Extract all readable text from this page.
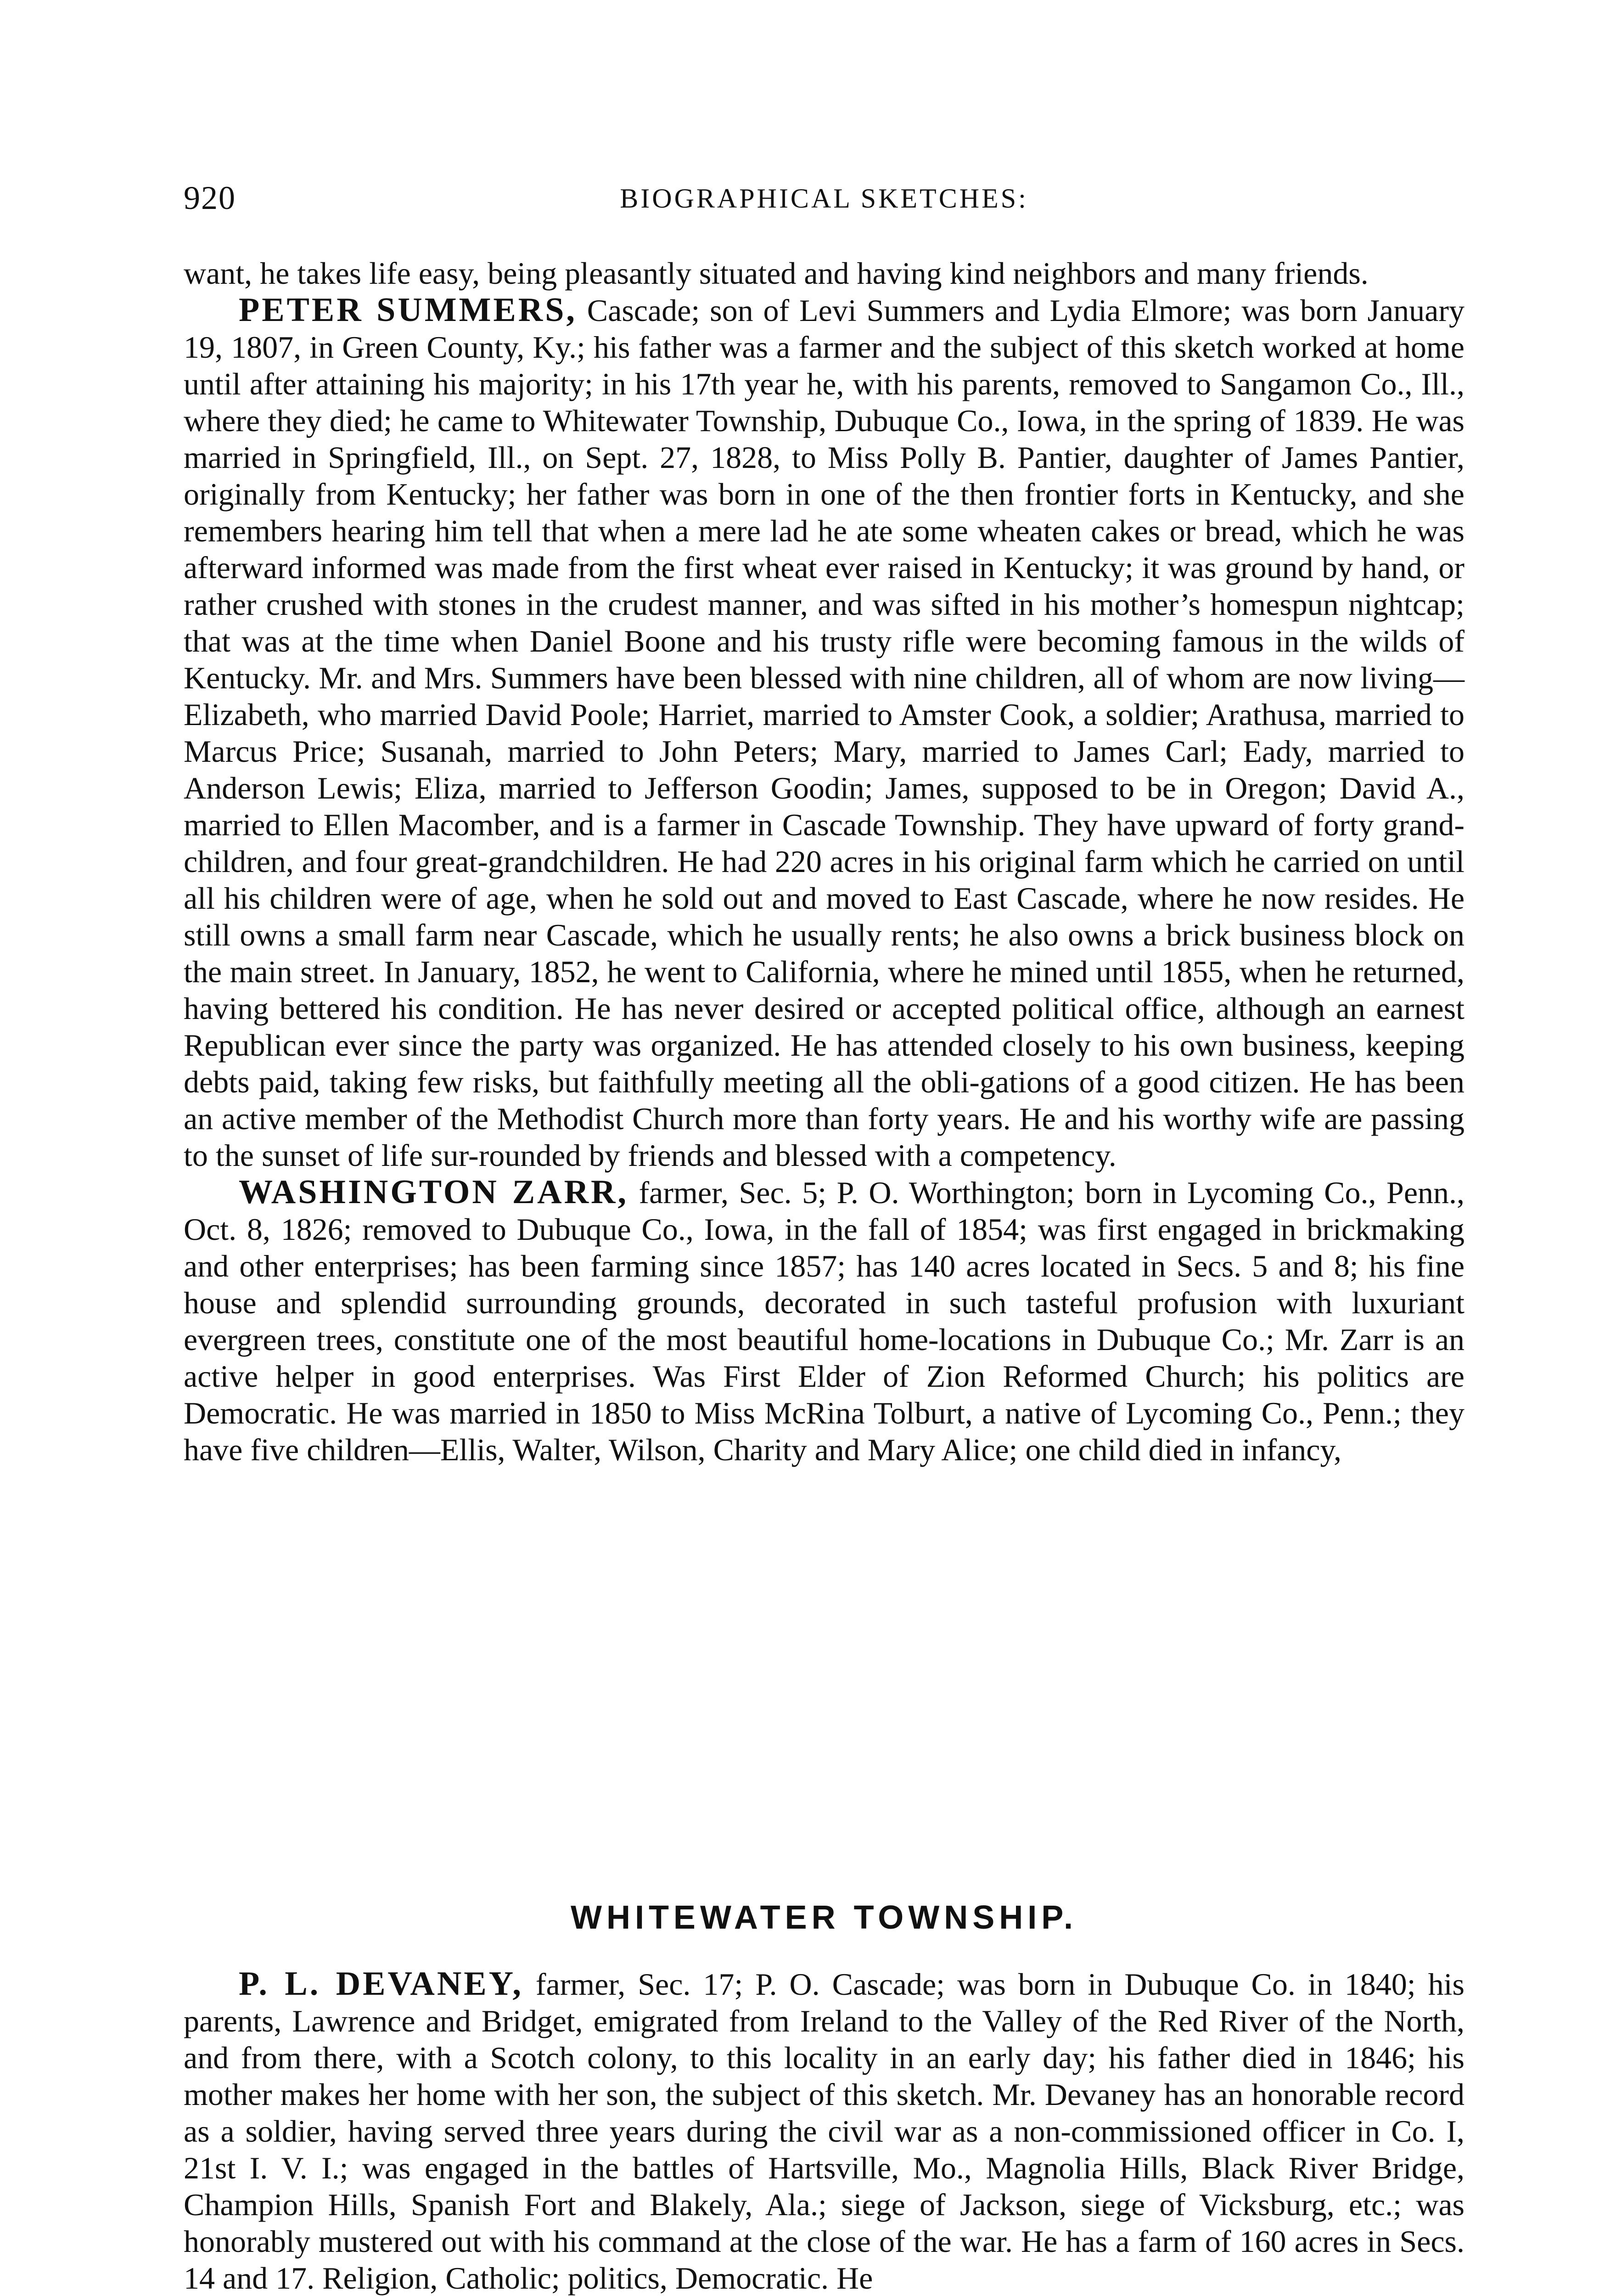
920	BIOGRAPHICAL SKETCHES:

want, he takes life easy, being pleasantly situated and having kind neighbors and many friends.

PETER SUMMERS, Cascade; son of Levi Summers and Lydia Elmore; was born January 19, 1807, in Green County, Ky.; his father was a farmer and the subject of this sketch worked at home until after attaining his majority; in his 17th year he, with his parents, removed to Sangamon Co., Ill., where they died; he came to Whitewater Township, Dubuque Co., Iowa, in the spring of 1839. He was married in Springfield, Ill., on Sept. 27, 1828, to Miss Polly B. Pantier, daughter of James Pantier, originally from Kentucky; her father was born in one of the then frontier forts in Kentucky, and she remembers hearing him tell that when a mere lad he ate some wheaten cakes or bread, which he was afterward informed was made from the first wheat ever raised in Kentucky; it was ground by hand, or rather crushed with stones in the crudest manner, and was sifted in his mother’s homespun nightcap; that was at the time when Daniel Boone and his trusty rifle were becoming famous in the wilds of Kentucky. Mr. and Mrs. Summers have been blessed with nine children, all of whom are now living—Elizabeth, who married David Poole; Harriet, married to Amster Cook, a soldier; Arathusa, married to Marcus Price; Susanah, married to John Peters; Mary, married to James Carl; Eady, married to Anderson Lewis; Eliza, married to Jefferson Goodin; James, supposed to be in Oregon; David A., married to Ellen Macomber, and is a farmer in Cascade Township. They have upward of forty grand-children, and four great-grandchildren. He had 220 acres in his original farm which he carried on until all his children were of age, when he sold out and moved to East Cascade, where he now resides. He still owns a small farm near Cascade, which he usually rents; he also owns a brick business block on the main street. In January, 1852, he went to California, where he mined until 1855, when he returned, having bettered his condition. He has never desired or accepted political office, although an earnest Republican ever since the party was organized. He has attended closely to his own business, keeping debts paid, taking few risks, but faithfully meeting all the obli-gations of a good citizen. He has been an active member of the Methodist Church more than forty years. He and his worthy wife are passing to the sunset of life sur-rounded by friends and blessed with a competency.

WASHINGTON ZARR, farmer, Sec. 5; P. O. Worthington; born in Lycoming Co., Penn., Oct. 8, 1826; removed to Dubuque Co., Iowa, in the fall of 1854; was first engaged in brickmaking and other enterprises; has been farming since 1857; has 140 acres located in Secs. 5 and 8; his fine house and splendid surrounding grounds, decorated in such tasteful profusion with luxuriant evergreen trees, constitute one of the most beautiful home-locations in Dubuque Co.; Mr. Zarr is an active helper in good enterprises. Was First Elder of Zion Reformed Church; his politics are Democratic. He was married in 1850 to Miss McRina Tolburt, a native of Lycoming Co., Penn.; they have five children—Ellis, Walter, Wilson, Charity and Mary Alice; one child died in infancy,

WHITEWATER TOWNSHIP.

P. L. DEVANEY, farmer, Sec. 17; P. O. Cascade; was born in Dubuque Co. in 1840; his parents, Lawrence and Bridget, emigrated from Ireland to the Valley of the Red River of the North, and from there, with a Scotch colony, to this locality in an early day; his father died in 1846; his mother makes her home with her son, the subject of this sketch. Mr. Devaney has an honorable record as a soldier, having served three years during the civil war as a non-commissioned officer in Co. I, 21st I. V. I.; was engaged in the battles of Hartsville, Mo., Magnolia Hills, Black River Bridge, Champion Hills, Spanish Fort and Blakely, Ala.; siege of Jackson, siege of Vicksburg, etc.; was honorably mustered out with his command at the close of the war. He has a farm of 160 acres in Secs. 14 and 17. Religion, Catholic; politics, Democratic. He
